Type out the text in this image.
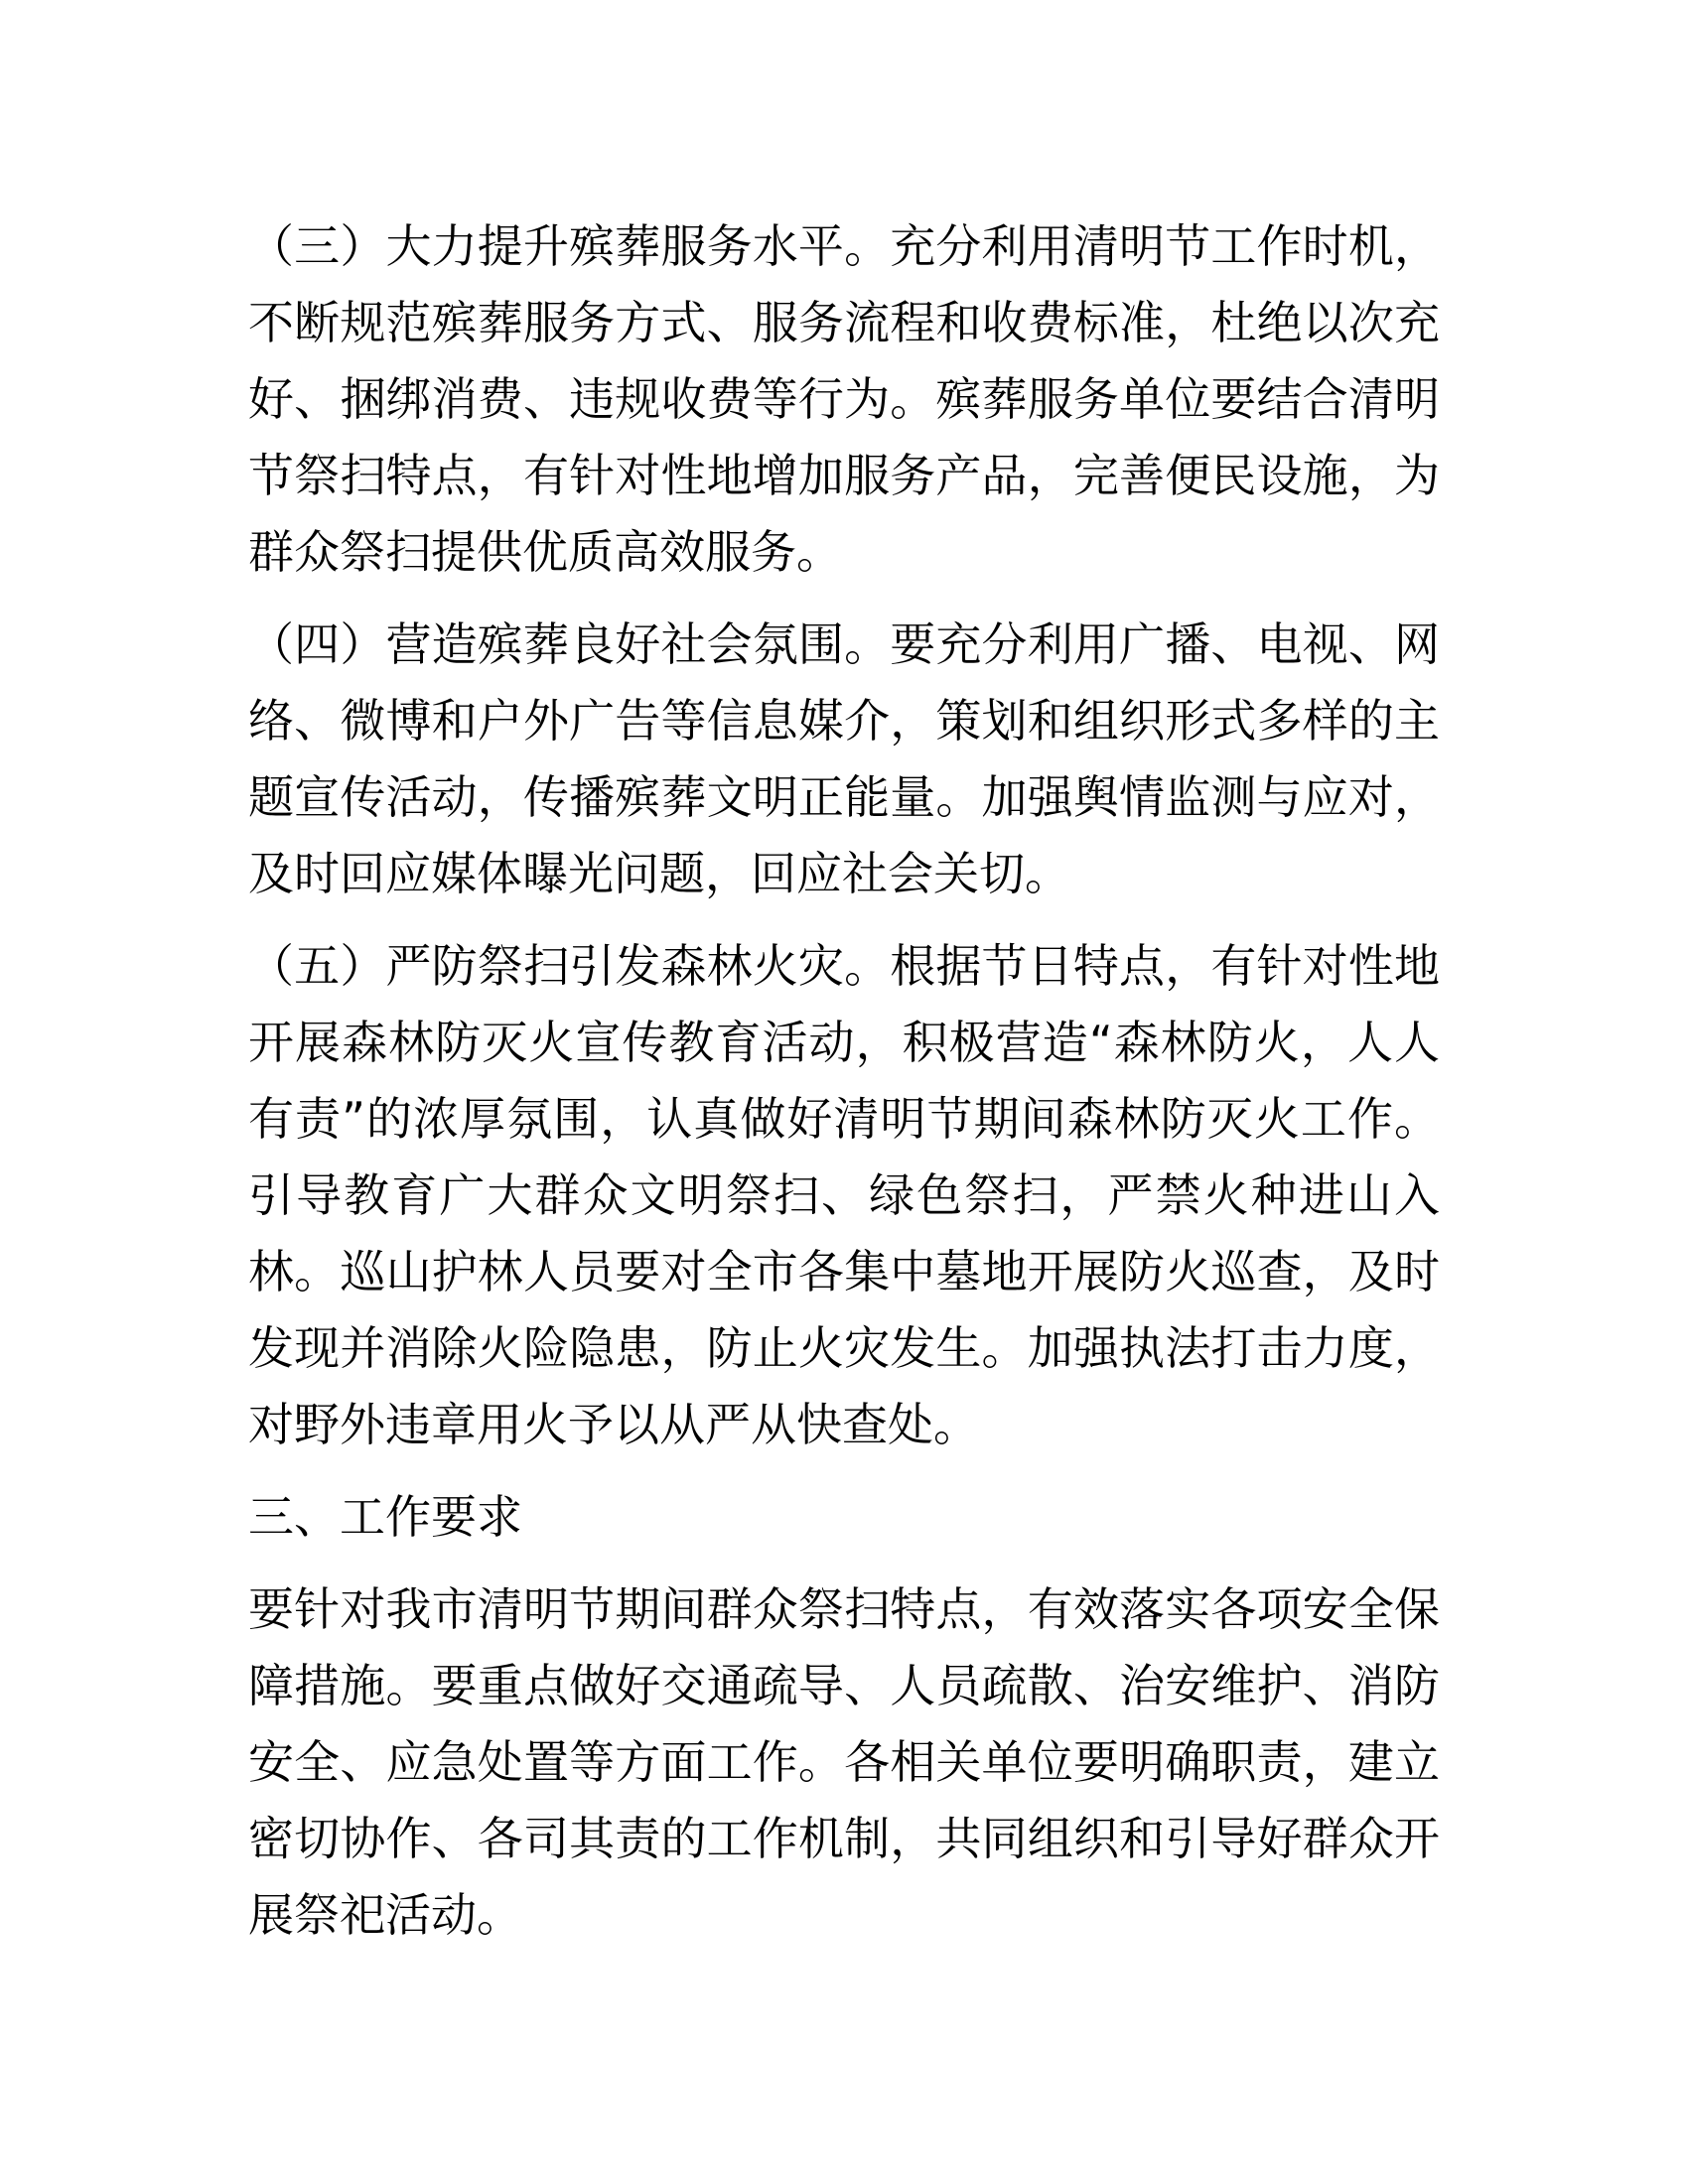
（三）大力提升殡葬服务水平。充分利用清明节工作时机，不断规范殡葬服务方式、服务流程和收费标准，杜绝以次充好、捆绑消费、违规收费等行为。殡葬服务单位要结合清明节祭扫特点，有针对性地增加服务产品，完善便民设施，为群众祭扫提供优质高效服务。

（四）营造殡葬良好社会氛围。要充分利用广播、电视、网络、微博和户外广告等信息媒介，策划和组织形式多样的主题宣传活动，传播殡葬文明正能量。加强舆情监测与应对，及时回应媒体曝光问题，回应社会关切。

（五）严防祭扫引发森林火灾。根据节日特点，有针对性地开展森林防灭火宣传教育活动，积极营造“森林防火，人人有责”的浓厚氛围，认真做好清明节期间森林防灭火工作。引导教育广大群众文明祭扫、绿色祭扫，严禁火种进山入林。巡山护林人员要对全市各集中墓地开展防火巡查，及时发现并消除火险隐患，防止火灾发生。加强执法打击力度，对野外违章用火予以从严从快查处。

三、工作要求

要针对我市清明节期间群众祭扫特点，有效落实各项安全保障措施。要重点做好交通疏导、人员疏散、治安维护、消防安全、应急处置等方面工作。各相关单位要明确职责，建立密切协作、各司其责的工作机制，共同组织和引导好群众开展祭祀活动。
